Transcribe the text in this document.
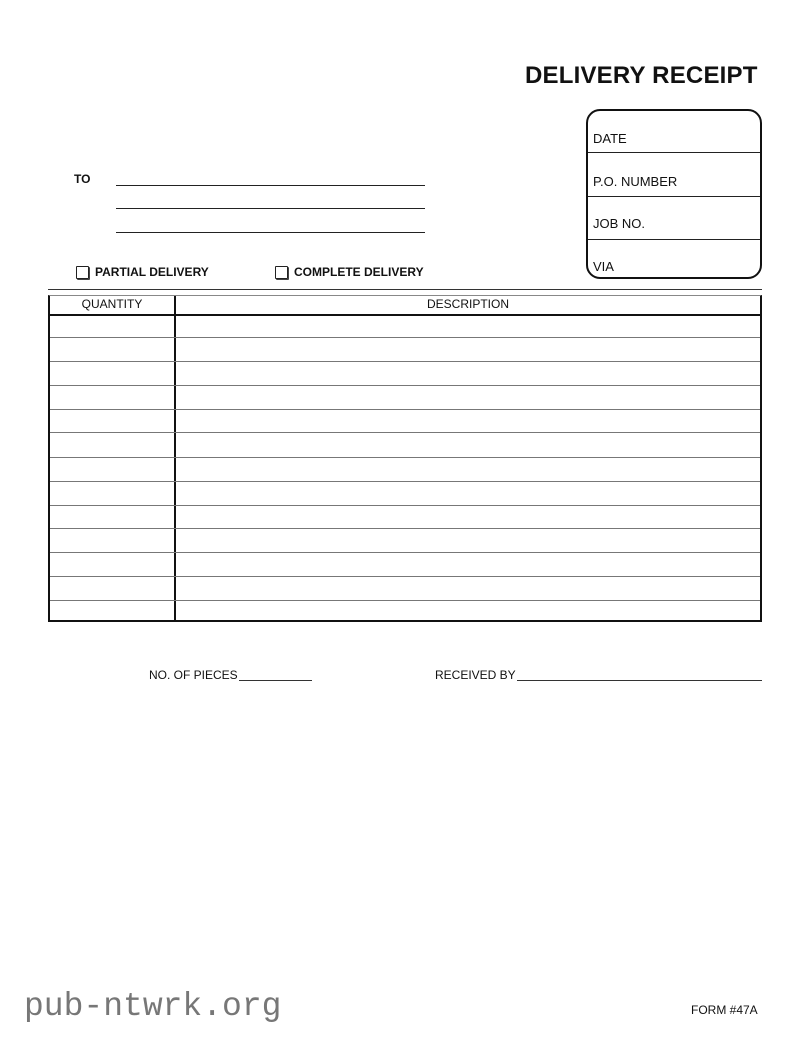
DELIVERY RECEIPT
DATE
P.O. NUMBER
JOB NO.
VIA
TO
PARTIAL DELIVERY	COMPLETE DELIVERY
QUANTITY	DESCRIPTION
NO. OF PIECES	RECEIVED BY
pub-ntwrk.org	FORM #47A
